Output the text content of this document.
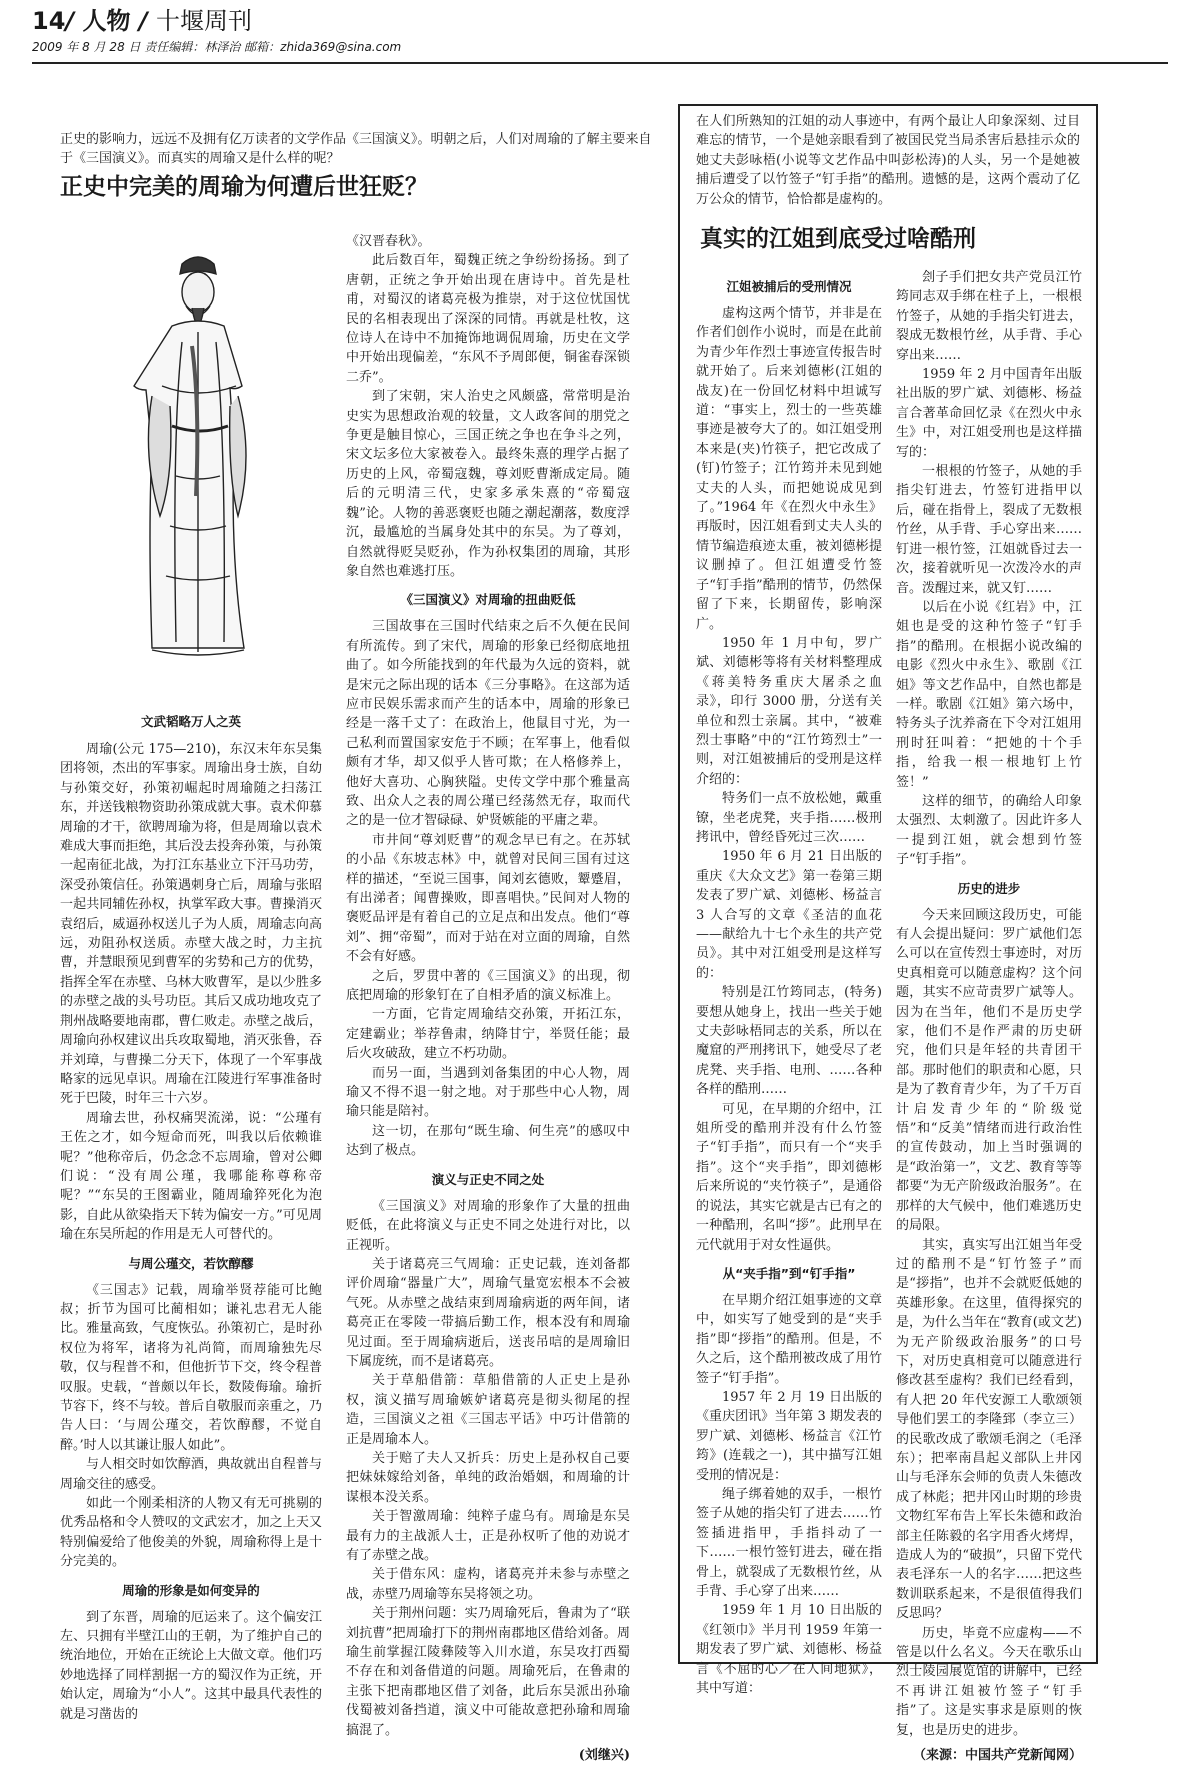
14/ 人物 / 十堰周刊
2009 年 8 月 28 日 责任编辑：林泽治 邮箱：zhida369@sina.com
正史的影响力，远远不及拥有亿万读者的文学作品《三国演义》。明朝之后，人们对周瑜的了解主要来自于《三国演义》。而真实的周瑜又是什么样的呢？
正史中完美的周瑜为何遭后世狂贬？
文武韬略万人之英

周瑜(公元 175—210)，东汉末年东吴集团将领，杰出的军事家。周瑜出身士族，自幼与孙策交好，孙策初崛起时周瑜随之扫荡江东，并送钱粮物资助孙策成就大事。袁术仰慕周瑜的才干，欲聘周瑜为将，但是周瑜以袁术难成大事而拒绝，其后没去投奔孙策，与孙策一起南征北战，为打江东基业立下汗马功劳，深受孙策信任。孙策遇刺身亡后，周瑜与张昭一起共同辅佐孙权，执掌军政大事。曹操消灭袁绍后，威逼孙权送儿子为人质，周瑜志向高远，劝阻孙权送质。赤壁大战之时，力主抗曹，并慧眼预见到曹军的劣势和己方的优势，指挥全军在赤壁、乌林大败曹军，是以少胜多的赤壁之战的头号功臣。其后又成功地攻克了荆州战略要地南郡，曹仁败走。赤壁之战后，周瑜向孙权建议出兵攻取蜀地，消灭张鲁，吞并刘璋，与曹操二分天下，体现了一个军事战略家的远见卓识。周瑜在江陵进行军事准备时死于巴陵，时年三十六岁。

周瑜去世，孙权痛哭流涕，说：“公瑾有王佐之才，如今短命而死，叫我以后依赖谁呢？”他称帝后，仍念念不忘周瑜，曾对公卿们说：“没有周公瑾，我哪能称尊称帝呢？”“东吴的王图霸业，随周瑜猝死化为泡影，自此从欲染指天下转为偏安一方。”可见周瑜在东吴所起的作用是无人可替代的。

与周公瑾交，若饮醇醪

《三国志》记载，周瑜举贤荐能可比鲍叔；折节为国可比蔺相如；谦礼忠君无人能比。雅量高致，气度恢弘。孙策初亡，是时孙权位为将军，诸将为礼尚简，而周瑜独先尽敬，仅与程普不和，但他折节下交，终令程普叹服。史载，“普颇以年长，数陵侮瑜。瑜折节容下，终不与较。普后自敬服而亲重之，乃告人曰：‘与周公瑾交，若饮醇醪，不觉自醉。’时人以其谦让服人如此”。

与人相交时如饮醇酒，典故就出自程普与周瑜交往的感受。

如此一个刚柔相济的人物又有无可挑剔的优秀品格和令人赞叹的文武宏才，加之上天又特别偏爱给了他俊美的外貌，周瑜称得上是十分完美的。

周瑜的形象是如何变异的

到了东晋，周瑜的厄运来了。这个偏安江左、只拥有半壁江山的王朝，为了维护自己的统治地位，开始在正统论上大做文章。他们巧妙地选择了同样割据一方的蜀汉作为正统，开始认定，周瑜为“小人”。这其中最具代表性的就是习凿齿的

《汉晋春秋》。

此后数百年，蜀魏正统之争纷纷扬扬。到了唐朝，正统之争开始出现在唐诗中。首先是杜甫，对蜀汉的诸葛亮极为推崇，对于这位忧国忧民的名相表现出了深深的同情。再就是杜牧，这位诗人在诗中不加掩饰地调侃周瑜，历史在文学中开始出现偏差，“东风不予周郎便，铜雀春深锁二乔”。

到了宋朝，宋人治史之风颇盛，常常明是治史实为思想政治观的较量，文人政客间的朋党之争更是触目惊心，三国正统之争也在争斗之列，宋文坛多位大家被卷入。最终朱熹的理学占据了历史的上风，帝蜀寇魏，尊刘贬曹渐成定局。随后的元明清三代，史家多承朱熹的“帝蜀寇魏”论。人物的善恶褒贬也随之潮起潮落，数度浮沉，最尴尬的当属身处其中的东吴。为了尊刘，自然就得贬吴贬孙，作为孙权集团的周瑜，其形象自然也难逃打压。

《三国演义》对周瑜的扭曲贬低

三国故事在三国时代结束之后不久便在民间有所流传。到了宋代，周瑜的形象已经彻底地扭曲了。如今所能找到的年代最为久远的资料，就是宋元之际出现的话本《三分事略》。在这部为适应市民娱乐需求而产生的话本中，周瑜的形象已经是一落千丈了：在政治上，他鼠目寸光，为一己私利而置国家安危于不顾；在军事上，他看似颇有才华，却又似乎人皆可欺；在人格修养上，他好大喜功、心胸狭隘。史传文学中那个雅量高致、出众人之表的周公瑾已经荡然无存，取而代之的是一位才智碌碌、妒贤嫉能的平庸之辈。

市井间“尊刘贬曹”的观念早已有之。在苏轼的小品《东坡志林》中，就曾对民间三国有过这样的描述，“至说三国事，闻刘玄德败，颦蹙眉，有出涕者；闻曹操败，即喜唱快。”民间对人物的褒贬品评是有着自己的立足点和出发点。他们“尊刘”、拥“帝蜀”，而对于站在对立面的周瑜，自然不会有好感。

之后，罗贯中著的《三国演义》的出现，彻底把周瑜的形象钉在了自相矛盾的演义标准上。

一方面，它肯定周瑜结交孙策，开拓江东，定建霸业；举荐鲁肃，纳降甘宁，举贤任能；最后火攻破敌，建立不朽功勋。

而另一面，当遇到刘备集团的中心人物，周瑜又不得不退一射之地。对于那些中心人物，周瑜只能是陪衬。

这一切，在那句“既生瑜、何生亮”的感叹中达到了极点。

演义与正史不同之处

《三国演义》对周瑜的形象作了大量的扭曲贬低，在此将演义与正史不同之处进行对比，以正视听。

关于诸葛亮三气周瑜：正史记载，连刘备都评价周瑜“器量广大”，周瑜气量宽宏根本不会被气死。从赤壁之战结束到周瑜病逝的两年间，诸葛亮正在零陵一带搞后勤工作，根本没有和周瑜见过面。至于周瑜病逝后，送丧吊唁的是周瑜旧下属庞统，而不是诸葛亮。

关于草船借箭：草船借箭的人正史上是孙权，演义描写周瑜嫉妒诸葛亮是彻头彻尾的捏造，三国演义之祖《三国志平话》中巧计借箭的正是周瑜本人。

关于赔了夫人又折兵：历史上是孙权自己要把妹妹嫁给刘备，单纯的政治婚姻，和周瑜的计谋根本没关系。

关于智激周瑜：纯粹子虚乌有。周瑜是东吴最有力的主战派人士，正是孙权听了他的劝说才有了赤壁之战。

关于借东风：虚构，诸葛亮并未参与赤壁之战，赤壁乃周瑜等东吴将领之功。

关于荆州问题：实乃周瑜死后，鲁肃为了“联刘抗曹”把周瑜打下的荆州南郡地区借给刘备。周瑜生前掌握江陵彝陵等入川水道，东吴攻打西蜀不存在和刘备借道的问题。周瑜死后，在鲁肃的主张下把南郡地区借了刘备，此后东吴派出孙瑜伐蜀被刘备挡道，演义中可能故意把孙瑜和周瑜搞混了。

(刘继兴)
在人们所熟知的江姐的动人事迹中，有两个最让人印象深刻、过目难忘的情节，一个是她亲眼看到了被国民党当局杀害后悬挂示众的她丈夫彭咏梧(小说等文艺作品中叫彭松涛)的人头，另一个是她被捕后遭受了以竹签子“钉手指”的酷刑。遗憾的是，这两个震动了亿万公众的情节，恰恰都是虚构的。
真实的江姐到底受过啥酷刑
江姐被捕后的受刑情况

虚构这两个情节，并非是在作者们创作小说时，而是在此前为青少年作烈士事迹宣传报告时就开始了。后来刘德彬(江姐的战友)在一份回忆材料中坦诚写道：“事实上，烈士的一些英雄事迹是被夸大了的。如江姐受刑本来是(夹)竹筷子，把它改成了(钉)竹签子；江竹筠并未见到她丈夫的人头，而把她说成见到了。”1964 年《在烈火中永生》再版时，因江姐看到丈夫人头的情节编造痕迹太重，被刘德彬提议删掉了。但江姐遭受竹签子“钉手指”酷刑的情节，仍然保留了下来，长期留传，影响深广。

1950 年 1 月中旬，罗广斌、刘德彬等将有关材料整理成《蒋美特务重庆大屠杀之血录》，印行 3000 册，分送有关单位和烈士亲属。其中，“被难烈士事略”中的“江竹筠烈士”一则，对江姐被捕后的受刑是这样介绍的：

特务们一点不放松她，戴重镣，坐老虎凳，夹手指……极刑拷讯中，曾经昏死过三次……

1950 年 6 月 21 日出版的重庆《大众文艺》第一卷第三期发表了罗广斌、刘德彬、杨益言 3 人合写的文章《圣洁的血花——献给九十七个永生的共产党员》。其中对江姐受刑是这样写的：

特别是江竹筠同志，(特务)要想从她身上，找出一些关于她丈夫彭咏梧同志的关系，所以在魔窟的严刑拷讯下，她受尽了老虎凳、夹手指、电刑、……各种各样的酷刑……

可见，在早期的介绍中，江姐所受的酷刑并没有什么竹签子“钉手指”，而只有一个“夹手指”。这个“夹手指”，即刘德彬后来所说的“夹竹筷子”，是通俗的说法，其实它就是古已有之的一种酷刑，名叫“拶”。此刑早在元代就用于对女性逼供。

从“夹手指”到“钉手指”

在早期介绍江姐事迹的文章中，如实写了她受到的是“夹手指”即“拶指”的酷刑。但是，不久之后，这个酷刑被改成了用竹签子“钉手指”。

1957 年 2 月 19 日出版的《重庆团讯》当年第 3 期发表的罗广斌、刘德彬、杨益言《江竹筠》(连载之一)，其中描写江姐受刑的情况是：

绳子绑着她的双手，一根竹签子从她的指尖钉了进去……竹签插进指甲，手指抖动了一下……一根竹签钉进去，碰在指骨上，就裂成了无数根竹丝，从手背、手心穿了出来……

1959 年 1 月 10 日出版的《红领巾》半月刊 1959 年第一期发表了罗广斌、刘德彬、杨益言《不屈的心／在人间地狱》，其中写道：

刽子手们把女共产党员江竹筠同志双手绑在柱子上，一根根竹签子，从她的手指尖钉进去，裂成无数根竹丝，从手背、手心穿出来……

1959 年 2 月中国青年出版社出版的罗广斌、刘德彬、杨益言合著革命回忆录《在烈火中永生》中，对江姐受刑也是这样描写的：

一根根的竹签子，从她的手指尖钉进去，竹签钉进指甲以后，碰在指骨上，裂成了无数根竹丝，从手背、手心穿出来……钉进一根竹签，江姐就昏过去一次，接着就听见一次泼冷水的声音。泼醒过来，就又钉……

以后在小说《红岩》中，江姐也是受的这种竹签子“钉手指”的酷刑。在根据小说改编的电影《烈火中永生》、歌剧《江姐》等文艺作品中，自然也都是一样。歌剧《江姐》第六场中，特务头子沈养斋在下令对江姐用刑时狂叫着：“把她的十个手指，给我一根一根地钉上竹签！”

这样的细节，的确给人印象太强烈、太刺激了。因此许多人一提到江姐，就会想到竹签子“钉手指”。

历史的进步

今天来回顾这段历史，可能有人会提出疑问：罗广斌他们怎么可以在宣传烈士事迹时，对历史真相竟可以随意虚构？这个问题，其实不应苛责罗广斌等人。因为在当年，他们不是历史学家，他们不是作严肃的历史研究，他们只是年轻的共青团干部。那时他们的职责和心愿，只是为了教育青少年，为了千万百计启发青少年的“阶级觉悟”和“反美”情绪而进行政治性的宣传鼓动，加上当时强调的是“政治第一”，文艺、教育等等都要“为无产阶级政治服务”。在那样的大气候中，他们难逃历史的局限。

其实，真实写出江姐当年受过的酷刑不是“钉竹签子”而是“拶指”，也并不会就贬低她的英雄形象。在这里，值得探究的是，为什么当年在“教育(或文艺)为无产阶级政治服务”的口号下，对历史真相竟可以随意进行修改甚至虚构？我们已经看到，有人把 20 年代安源工人歌颂领导他们罢工的李隆郅（李立三）的民歌改成了歌颂毛润之（毛泽东）；把率南昌起义部队上井冈山与毛泽东会师的负责人朱德改成了林彪；把井冈山时期的珍贵文物红军布告上军长朱德和政治部主任陈毅的名字用香火烤焊，造成人为的“破损”，只留下党代表毛泽东一人的名字……把这些数训联系起来，不是很值得我们反思吗？

历史，毕竟不应虚构——不管是以什么名义。今天在歌乐山烈士陵园展览馆的讲解中，已经不再讲江姐被竹签子“钉手指”了。这是实事求是原则的恢复，也是历史的进步。

（来源：中国共产党新闻网）
